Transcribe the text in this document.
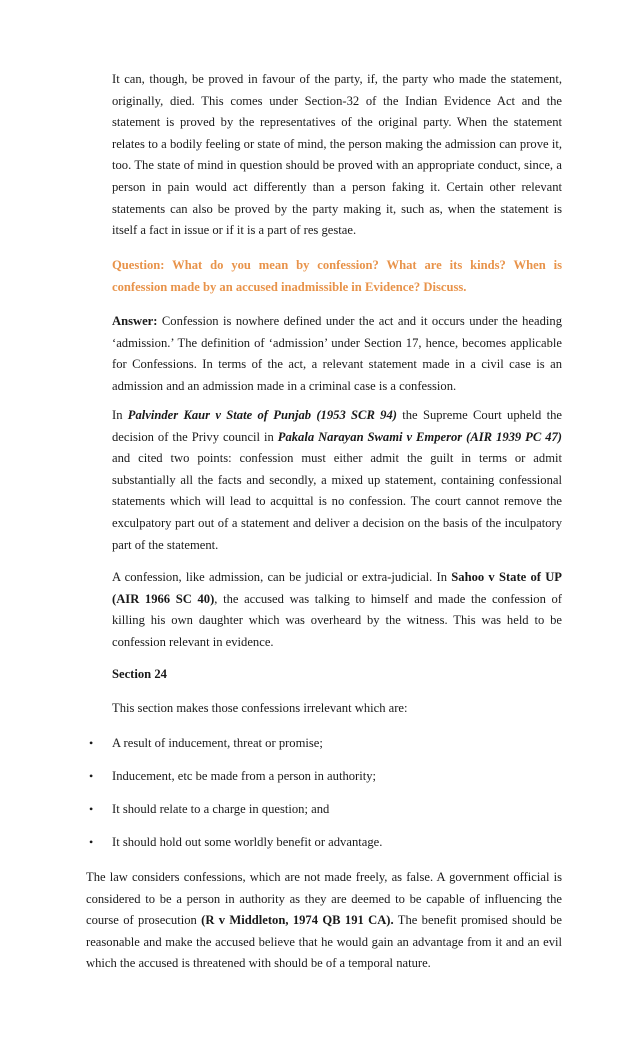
It can, though, be proved in favour of the party, if, the party who made the statement, originally, died. This comes under Section-32 of the Indian Evidence Act and the statement is proved by the representatives of the original party. When the statement relates to a bodily feeling or state of mind, the person making the admission can prove it, too. The state of mind in question should be proved with an appropriate conduct, since, a person in pain would act differently than a person faking it. Certain other relevant statements can also be proved by the party making it, such as, when the statement is itself a fact in issue or if it is a part of res gestae.

Question: What do you mean by confession? What are its kinds? When is confession made by an accused inadmissible in Evidence? Discuss.

Answer: Confession is nowhere defined under the act and it occurs under the heading ‘admission.’ The definition of ‘admission’ under Section 17, hence, becomes applicable for Confessions. In terms of the act, a relevant statement made in a civil case is an admission and an admission made in a criminal case is a confession.

In Palvinder Kaur v State of Punjab (1953 SCR 94) the Supreme Court upheld the decision of the Privy council in Pakala Narayan Swami v Emperor (AIR 1939 PC 47) and cited two points: confession must either admit the guilt in terms or admit substantially all the facts and secondly, a mixed up statement, containing confessional statements which will lead to acquittal is no confession. The court cannot remove the exculpatory part out of a statement and deliver a decision on the basis of the inculpatory part of the statement.

A confession, like admission, can be judicial or extra-judicial. In Sahoo v State of UP (AIR 1966 SC 40), the accused was talking to himself and made the confession of killing his own daughter which was overheard by the witness. This was held to be confession relevant in evidence.

Section 24

This section makes those confessions irrelevant which are:

• A result of inducement, threat or promise;
• Inducement, etc be made from a person in authority;
• It should relate to a charge in question; and
• It should hold out some worldly benefit or advantage.

The law considers confessions, which are not made freely, as false. A government official is considered to be a person in authority as they are deemed to be capable of influencing the course of prosecution (R v Middleton, 1974 QB 191 CA). The benefit promised should be reasonable and make the accused believe that he would gain an advantage from it and an evil which the accused is threatened with should be of a temporal nature.
